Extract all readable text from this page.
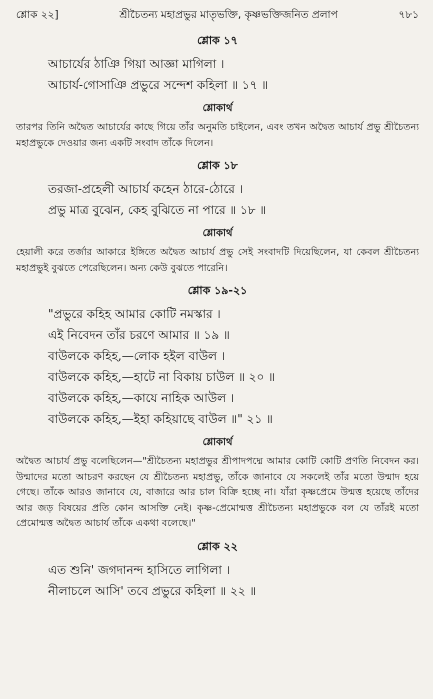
শ্লোক ২২]	শ্রীচৈতন্য মহাপ্রভুর মাতৃভক্তি, কৃষ্ণভক্তিজনিত প্রলাপ	৭৮১
শ্লোক ১৭
আচার্যের ঠাঞি গিয়া আজ্ঞা মাগিলা ।
আচার্য-গোসাঞি প্রভুরে সন্দেশ কহিলা ॥ ১৭ ॥
শ্লোকার্থ

তারপর তিনি অদ্বৈত আচার্যের কাছে গিয়ে তাঁর অনুমতি চাইলেন, এবং তখন অদ্বৈত আচার্য প্রভু শ্রীচৈতন্য মহাপ্রভুকে দেওয়ার জন্য একটি সংবাদ তাঁকে দিলেন।

শ্লোক ১৮
তরজা-প্রহেলী আচার্য কহেন ঠারে-ঠোরে ।
প্রভু মাত্র বুঝেন, কেহ বুঝিতে না পারে ॥ ১৮ ॥
শ্লোকার্থ

হেয়ালী করে তর্জার আকারে ইঙ্গিতে অদ্বৈত আচার্য প্রভু সেই সংবাদটি দিয়েছিলেন, যা কেবল শ্রীচৈতন্য মহাপ্রভুই বুঝতে পেরেছিলেন। অন্য কেউ বুঝতে পারেনি।

শ্লোক ১৯-২১
"প্রভুরে কহিহ আমার কোটি নমস্কার ।
এই নিবেদন তাঁর চরণে আমার ॥ ১৯ ॥
বাউলকে কহিহ,—লোক হইল বাউল ।
বাউলকে কহিহ,—হাটে না বিকায় চাউল ॥ ২০ ॥
বাউলকে কহিহ,—কাযে নাহিক আউল ।
বাউলকে কহিহ,—ইহা কহিয়াছে বাউল ॥" ২১ ॥
শ্লোকার্থ

অদ্বৈত আচার্য প্রভু বলেছিলেন—"শ্রীচৈতন্য মহাপ্রভুর শ্রীপাদপদ্মে আমার কোটি কোটি প্রণতি নিবেদন কর। উন্মাদের মতো আচরণ করছেন যে শ্রীচৈতন্য মহাপ্রভু, তাঁকে জানাবে যে সকলেই তাঁর মতো উন্মাদ হয়ে গেছে। তাঁকে আরও জানাবে যে, বাজারে আর চাল বিক্রি হচ্ছে না। যাঁরা কৃষ্ণপ্রেমে উন্মত্ত হয়েছে তাঁদের আর জড় বিষয়ের প্রতি কোন আসক্তি নেই। কৃষ্ণ-প্রেমোন্মত্ত শ্রীচৈতন্য মহাপ্রভুকে বল যে তাঁরই মতো প্রেমোন্মত্ত অদ্বৈত আচার্য তাঁকে একথা বলেছে।"

শ্লোক ২২
এত শুনি' জগদানন্দ হাসিতে লাগিলা ।
নীলাচলে আসি' তবে প্রভুরে কহিলা ॥ ২২ ॥
